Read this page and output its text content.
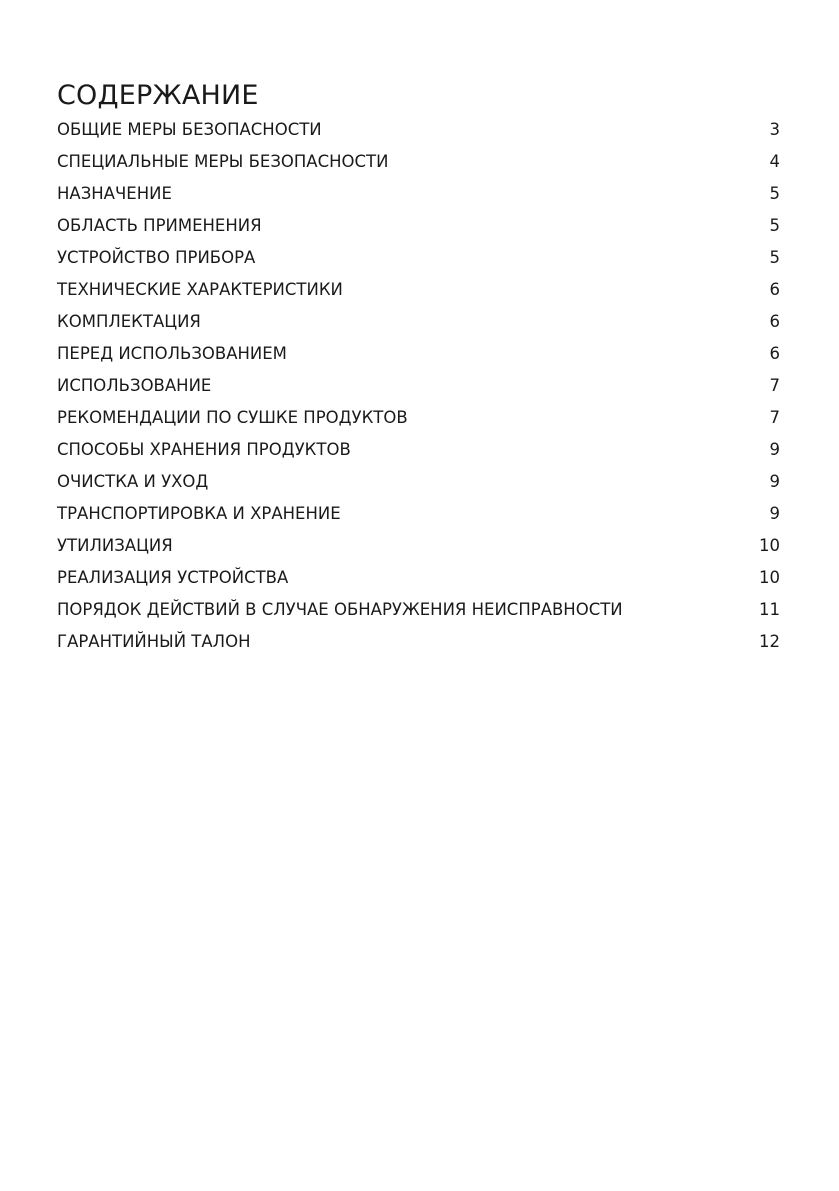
СОДЕРЖАНИЕ
ОБЩИЕ МЕРЫ БЕЗОПАСНОСТИ	3
СПЕЦИАЛЬНЫЕ МЕРЫ БЕЗОПАСНОСТИ	4
НАЗНАЧЕНИЕ	5
ОБЛАСТЬ ПРИМЕНЕНИЯ	5
УСТРОЙСТВО ПРИБОРА	5
ТЕХНИЧЕСКИЕ ХАРАКТЕРИСТИКИ	6
КОМПЛЕКТАЦИЯ	6
ПЕРЕД ИСПОЛЬЗОВАНИЕМ	6
ИСПОЛЬЗОВАНИЕ	7
РЕКОМЕНДАЦИИ ПО СУШКЕ ПРОДУКТОВ	7
СПОСОБЫ ХРАНЕНИЯ ПРОДУКТОВ	9
ОЧИСТКА И УХОД	9
ТРАНСПОРТИРОВКА И ХРАНЕНИЕ	9
УТИЛИЗАЦИЯ	10
РЕАЛИЗАЦИЯ УСТРОЙСТВА	10
ПОРЯДОК ДЕЙСТВИЙ В СЛУЧАЕ ОБНАРУЖЕНИЯ НЕИСПРАВНОСТИ	11
ГАРАНТИЙНЫЙ ТАЛОН	12
